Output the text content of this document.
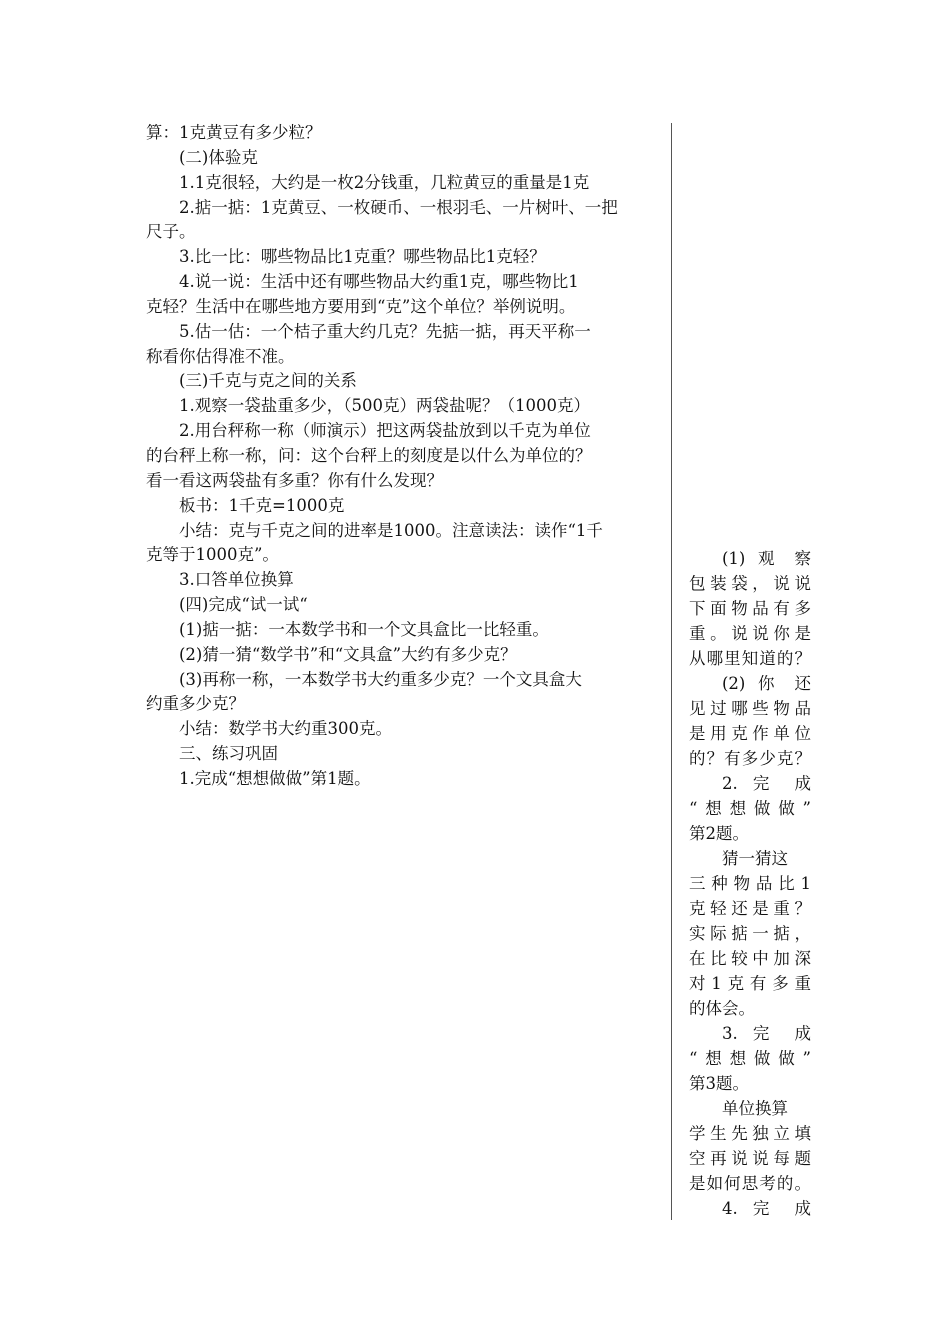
算：1克黄豆有多少粒？

(二)体验克

1.1克很轻，大约是一枚2分钱重，几粒黄豆的重量是1克

2.掂一掂：1克黄豆、一枚硬币、一根羽毛、一片树叶、一把

尺子。

3.比一比：哪些物品比1克重？哪些物品比1克轻？

4.说一说：生活中还有哪些物品大约重1克，哪些物比1

克轻？生活中在哪些地方要用到“克”这个单位？举例说明。

5.估一估：一个桔子重大约几克？先掂一掂，再天平称一

称看你估得准不准。

(三)千克与克之间的关系

1.观察一袋盐重多少，（500克）两袋盐呢？（1000克）

2.用台秤称一称（师演示）把这两袋盐放到以千克为单位

的台秤上称一称，问：这个台秤上的刻度是以什么为单位的？

看一看这两袋盐有多重？你有什么发现？

板书：1千克=1000克

小结：克与千克之间的进率是1000。注意读法：读作“1千

克等于1000克”。

3.口答单位换算

(四)完成“试一试“

(1)掂一掂：一本数学书和一个文具盒比一比轻重。

(2)猜一猜“数学书”和“文具盒”大约有多少克？

(3)再称一称，一本数学书大约重多少克？一个文具盒大

约重多少克？

小结：数学书大约重300克。

三、练习巩固

1.完成“想想做做”第1题。

(1) 观 察

包装袋，说说

下面物品有多

重。说说你是

从哪里知道的？

(2) 你 还

见过哪些物品

是用克作单位

的？有多少克？

2. 完 成

“想想做做”

第2题。

猜一猜这

三种物品比1

克轻还是重？

实际掂一掂，

在比较中加深

对1克有多重

的体会。

3. 完 成

“想想做做”

第3题。

单位换算

学生先独立填

空再说说每题

是如何思考的。

4. 完 成
